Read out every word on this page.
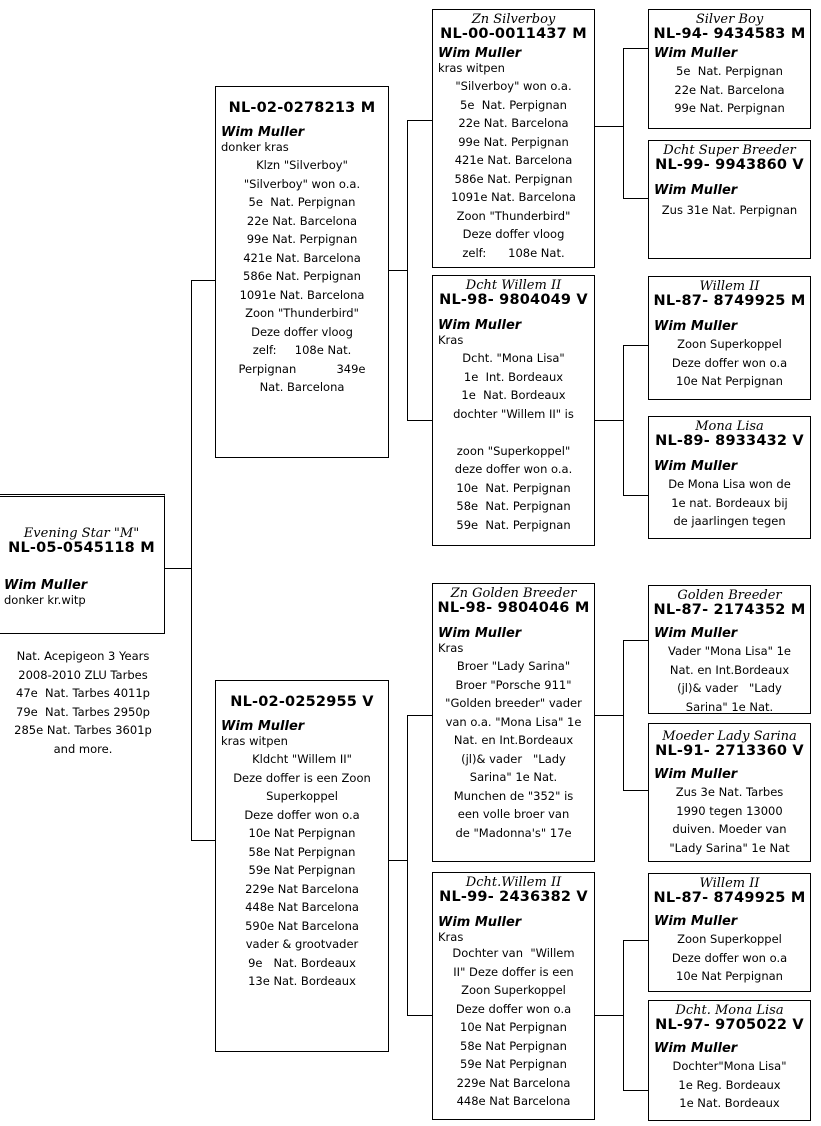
Evening Star "M"
NL-05-0545118 M
Wim Muller
donker kr.witp
Nat. Acepigeon 3 Years
2008-2010 ZLU Tarbes
47e  Nat. Tarbes 4011p
79e  Nat. Tarbes 2950p
285e Nat. Tarbes 3601p
and more.
NL-02-0278213 M
Wim Muller
donker kras
Klzn "Silverboy"
"Silverboy" won o.a.
5e  Nat. Perpignan
22e Nat. Barcelona
99e Nat. Perpignan
421e Nat. Barcelona
586e Nat. Perpignan
1091e Nat. Barcelona
Zoon "Thunderbird"
Deze doffer vloog
zelf:     108e Nat.
Perpignan           349e
Nat. Barcelona
NL-02-0252955 V
Wim Muller
kras witpen
Kldcht "Willem II"
Deze doffer is een Zoon
Superkoppel
Deze doffer won o.a
10e Nat Perpignan
58e Nat Perpignan
59e Nat Perpignan
229e Nat Barcelona
448e Nat Barcelona
590e Nat Barcelona
vader & grootvader
9e   Nat. Bordeaux
13e Nat. Bordeaux
Zn Silverboy
NL-00-0011437 M
Wim Muller
kras witpen
"Silverboy" won o.a.
5e  Nat. Perpignan
22e Nat. Barcelona
99e Nat. Perpignan
421e Nat. Barcelona
586e Nat. Perpignan
1091e Nat. Barcelona
Zoon "Thunderbird"
Deze doffer vloog
zelf:      108e Nat.
Dcht Willem II
NL-98- 9804049 V
Wim Muller
Kras
Dcht. "Mona Lisa"
1e  Int. Bordeaux
1e  Nat. Bordeaux
dochter "Willem II" is
zoon "Superkoppel"
deze doffer won o.a.
10e  Nat. Perpignan
58e  Nat. Perpignan
59e  Nat. Perpignan
Zn Golden Breeder
NL-98- 9804046 M
Wim Muller
Kras
Broer "Lady Sarina"
Broer "Porsche 911"
"Golden breeder" vader
van o.a. "Mona Lisa" 1e
Nat. en Int.Bordeaux
(jl)& vader   "Lady
Sarina" 1e Nat.
Munchen de "352" is
een volle broer van
de "Madonna's" 17e
Dcht.Willem II
NL-99- 2436382 V
Wim Muller
Kras
Dochter van  "Willem
II" Deze doffer is een
Zoon Superkoppel
Deze doffer won o.a
10e Nat Perpignan
58e Nat Perpignan
59e Nat Perpignan
229e Nat Barcelona
448e Nat Barcelona
Silver Boy
NL-94- 9434583 M
Wim Muller
5e  Nat. Perpignan
22e Nat. Barcelona
99e Nat. Perpignan
Dcht Super Breeder
NL-99- 9943860 V
Wim Muller
Zus 31e Nat. Perpignan
Willem II
NL-87- 8749925 M
Wim Muller
Zoon Superkoppel
Deze doffer won o.a
10e Nat Perpignan
Mona Lisa
NL-89- 8933432 V
Wim Muller
De Mona Lisa won de
1e nat. Bordeaux bij
de jaarlingen tegen
Golden Breeder
NL-87- 2174352 M
Wim Muller
Vader "Mona Lisa" 1e
Nat. en Int.Bordeaux
(jl)& vader   "Lady
Sarina" 1e Nat.
Moeder Lady Sarina
NL-91- 2713360 V
Wim Muller
Zus 3e Nat. Tarbes
1990 tegen 13000
duiven. Moeder van
"Lady Sarina" 1e Nat
Willem II
NL-87- 8749925 M
Wim Muller
Zoon Superkoppel
Deze doffer won o.a
10e Nat Perpignan
Dcht. Mona Lisa
NL-97- 9705022 V
Wim Muller
Dochter"Mona Lisa"
1e Reg. Bordeaux
1e Nat. Bordeaux
